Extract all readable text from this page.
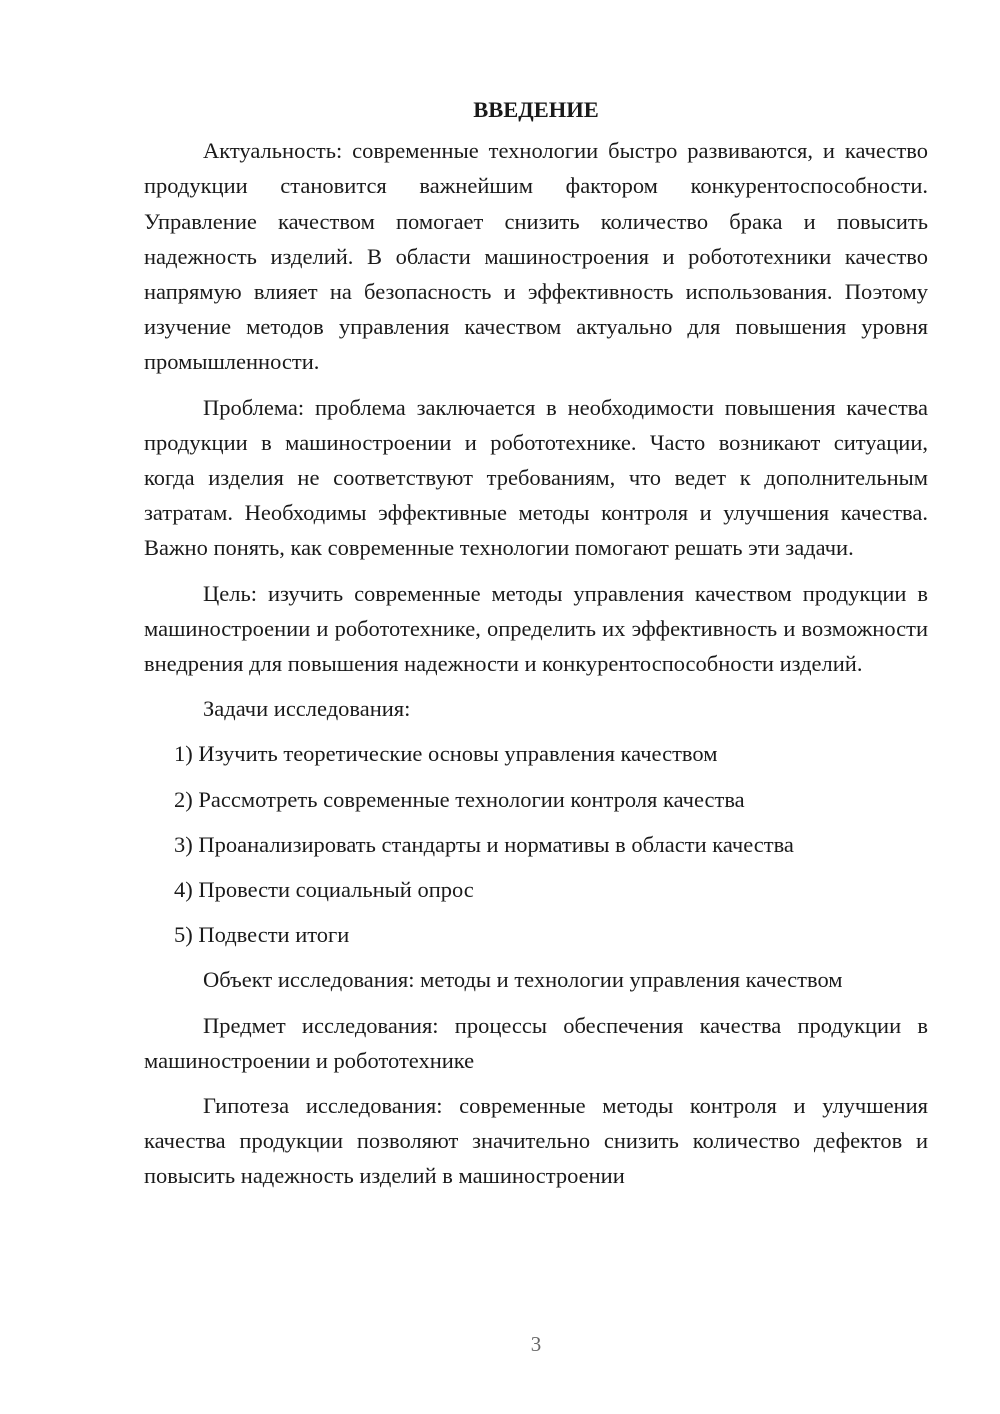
ВВЕДЕНИЕ

Актуальность: современные технологии быстро развиваются, и качество продукции становится важнейшим фактором конкурентоспособности. Управление качеством помогает снизить количество брака и повысить надежность изделий. В области машиностроения и робототехники качество напрямую влияет на безопасность и эффективность использования. Поэтому изучение методов управления качеством актуально для повышения уровня промышленности.

Проблема: проблема заключается в необходимости повышения качества продукции в машиностроении и робототехнике. Часто возникают ситуации, когда изделия не соответствуют требованиям, что ведет к дополнительным затратам. Необходимы эффективные методы контроля и улучшения качества. Важно понять, как современные технологии помогают решать эти задачи.

Цель: изучить современные методы управления качеством продукции в машиностроении и робототехнике, определить их эффективность и возможности внедрения для повышения надежности и конкурентоспособности изделий.

Задачи исследования:

1) Изучить теоретические основы управления качеством
2) Рассмотреть современные технологии контроля качества
3) Проанализировать стандарты и нормативы в области качества
4) Провести социальный опрос
5) Подвести итоги

Объект исследования: методы и технологии управления качеством

Предмет исследования: процессы обеспечения качества продукции в машиностроении и робототехнике

Гипотеза исследования: современные методы контроля и улучшения качества продукции позволяют значительно снизить количество дефектов и повысить надежность изделий в машиностроении

3
